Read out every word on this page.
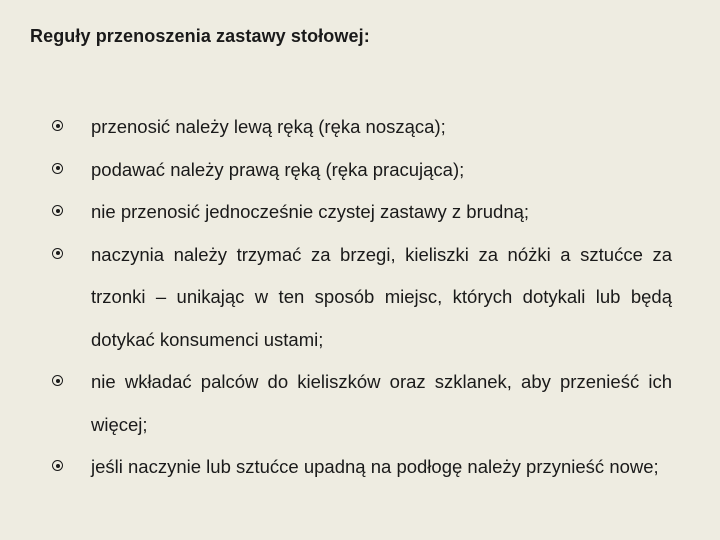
Reguły przenoszenia zastawy stołowej:
przenosić należy lewą ręką (ręka nosząca);
podawać należy prawą ręką (ręka pracująca);
nie przenosić jednocześnie czystej zastawy z brudną;
naczynia należy trzymać za brzegi, kieliszki za nóżki a sztućce za trzonki – unikając w ten sposób miejsc, których dotykali lub będą dotykać konsumenci ustami;
nie wkładać palców do kieliszków oraz szklanek, aby przenieść ich więcej;
jeśli naczynie lub sztućce upadną na podłogę należy przynieść nowe;
